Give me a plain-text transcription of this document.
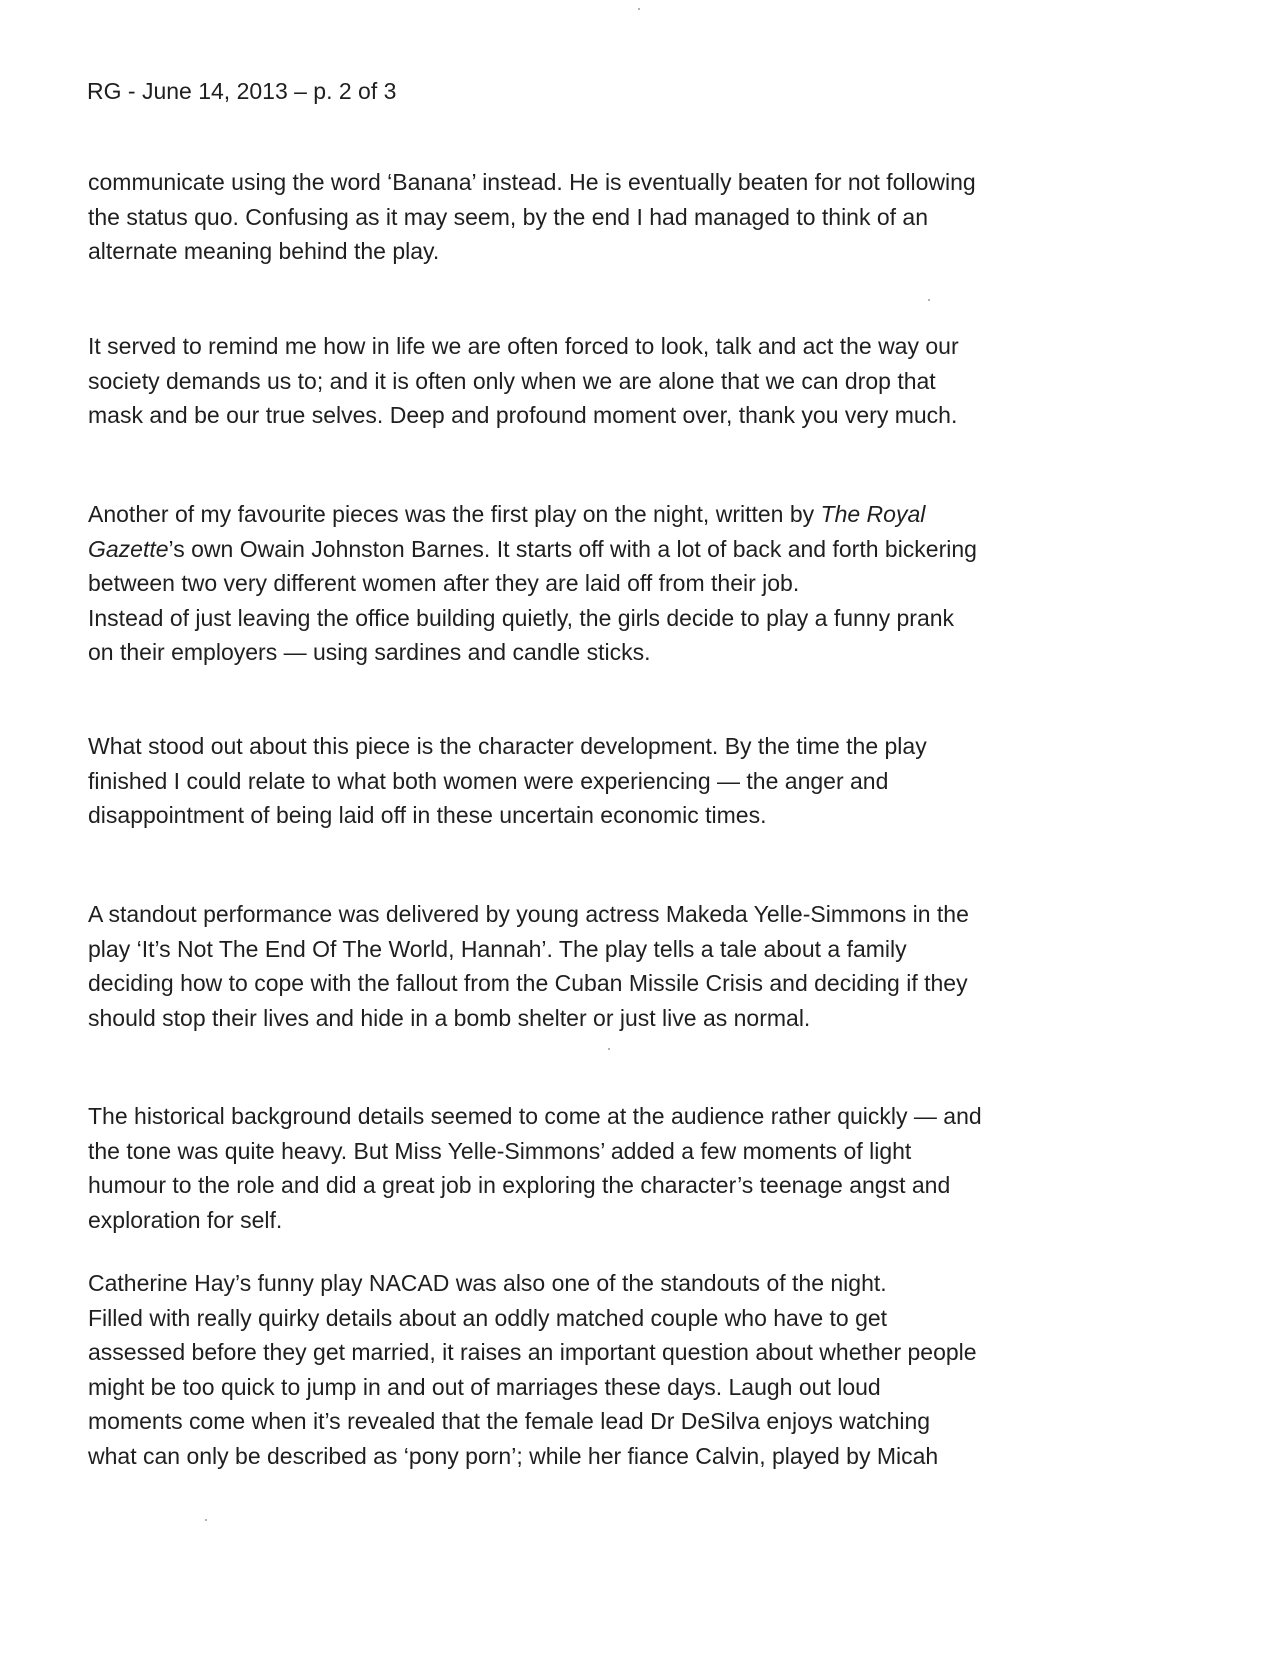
RG - June 14, 2013 – p. 2 of 3

communicate using the word ‘Banana’ instead. He is eventually beaten for not following
the status quo. Confusing as it may seem, by the end I had managed to think of an
alternate meaning behind the play.

It served to remind me how in life we are often forced to look, talk and act the way our
society demands us to; and it is often only when we are alone that we can drop that
mask and be our true selves. Deep and profound moment over, thank you very much.

Another of my favourite pieces was the first play on the night, written by The Royal
Gazette’s own Owain Johnston Barnes. It starts off with a lot of back and forth bickering
between two very different women after they are laid off from their job.
Instead of just leaving the office building quietly, the girls decide to play a funny prank
on their employers — using sardines and candle sticks.

What stood out about this piece is the character development. By the time the play
finished I could relate to what both women were experiencing — the anger and
disappointment of being laid off in these uncertain economic times.

A standout performance was delivered by young actress Makeda Yelle-Simmons in the
play ‘It’s Not The End Of The World, Hannah’. The play tells a tale about a family
deciding how to cope with the fallout from the Cuban Missile Crisis and deciding if they
should stop their lives and hide in a bomb shelter or just live as normal.

The historical background details seemed to come at the audience rather quickly — and
the tone was quite heavy. But Miss Yelle-Simmons’ added a few moments of light
humour to the role and did a great job in exploring the character’s teenage angst and
exploration for self.

Catherine Hay’s funny play NACAD was also one of the standouts of the night.
Filled with really quirky details about an oddly matched couple who have to get
assessed before they get married, it raises an important question about whether people
might be too quick to jump in and out of marriages these days. Laugh out loud
moments come when it’s revealed that the female lead Dr DeSilva enjoys watching
what can only be described as ‘pony porn’; while her fiance Calvin, played by Micah
